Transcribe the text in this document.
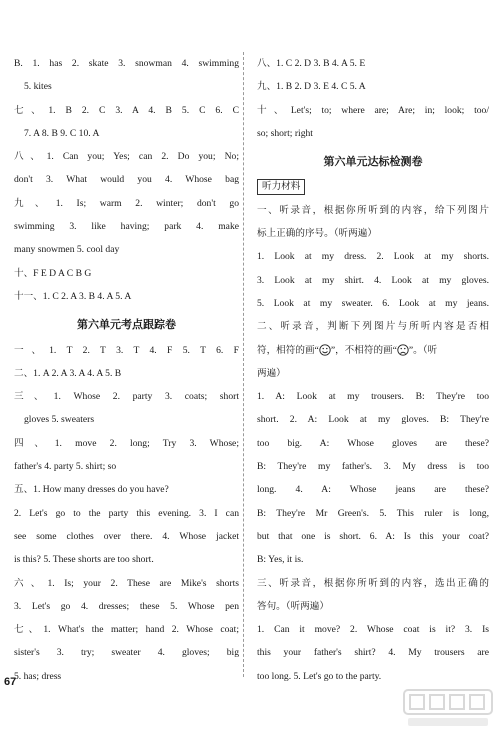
B. 1. has 2. skate 3. snowman 4. swimming
5. kites
七、1. B 2. C 3. A 4. B 5. C 6. C
7. A 8. B 9. C 10. A
八、1. Can you; Yes; can 2. Do you; No;
don't 3. What would you 4. Whose bag
九、1. Is; warm 2. winter; don't go
swimming 3. like having; park 4. make
many snowmen 5. cool day
十、F E D A C B G
十一、1. C 2. A 3. B 4. A 5. A
第六单元考点跟踪卷
一、1. T 2. T 3. T 4. F 5. T 6. F
二、1. A 2. A 3. A 4. A 5. B
三、1. Whose 2. party 3. coats; short
gloves 5. sweaters
四、1. move 2. long; Try 3. Whose;
father's 4. party 5. shirt; so
五、1. How many dresses do you have?
2. Let's go to the party this evening. 3. I can
see some clothes over there. 4. Whose jacket
is this? 5. These shorts are too short.
六、1. Is; your 2. These are Mike's shorts
3. Let's go 4. dresses; these 5. Whose pen
七、1. What's the matter; hand 2. Whose coat;
sister's 3. try; sweater 4. gloves; big
5. has; dress
八、1. C 2. D 3. B 4. A 5. E
九、1. B 2. D 3. E 4. C 5. A
十、Let's; to; where are; Are; in; look; too/
so; short; right
第六单元达标检测卷
听力材料
一、听录音，根据你所听到的内容，给下列图片
标上正确的序号。（听两遍）
1. Look at my dress. 2. Look at my shorts.
3. Look at my shirt. 4. Look at my gloves.
5. Look at my sweater. 6. Look at my jeans.
二、听录音，判断下列图片与所听内容是否相
符，相符的画“ ”，不相符的画“ ”。（听
两遍）
1. A: Look at my trousers. B: They're too
short. 2. A: Look at my gloves. B: They're
too big. A: Whose gloves are these?
B: They're my father's. 3. My dress is too
long. 4. A: Whose jeans are these?
B: They're Mr Green's. 5. This ruler is long,
but that one is short. 6. A: Is this your coat?
B: Yes, it is.
三、听录音，根据你所听到的内容，选出正确的
答句。（听两遍）
1. Can it move? 2. Whose coat is it? 3. Is
this your father's shirt? 4. My trousers are
too long. 5. Let's go to the party.
67
